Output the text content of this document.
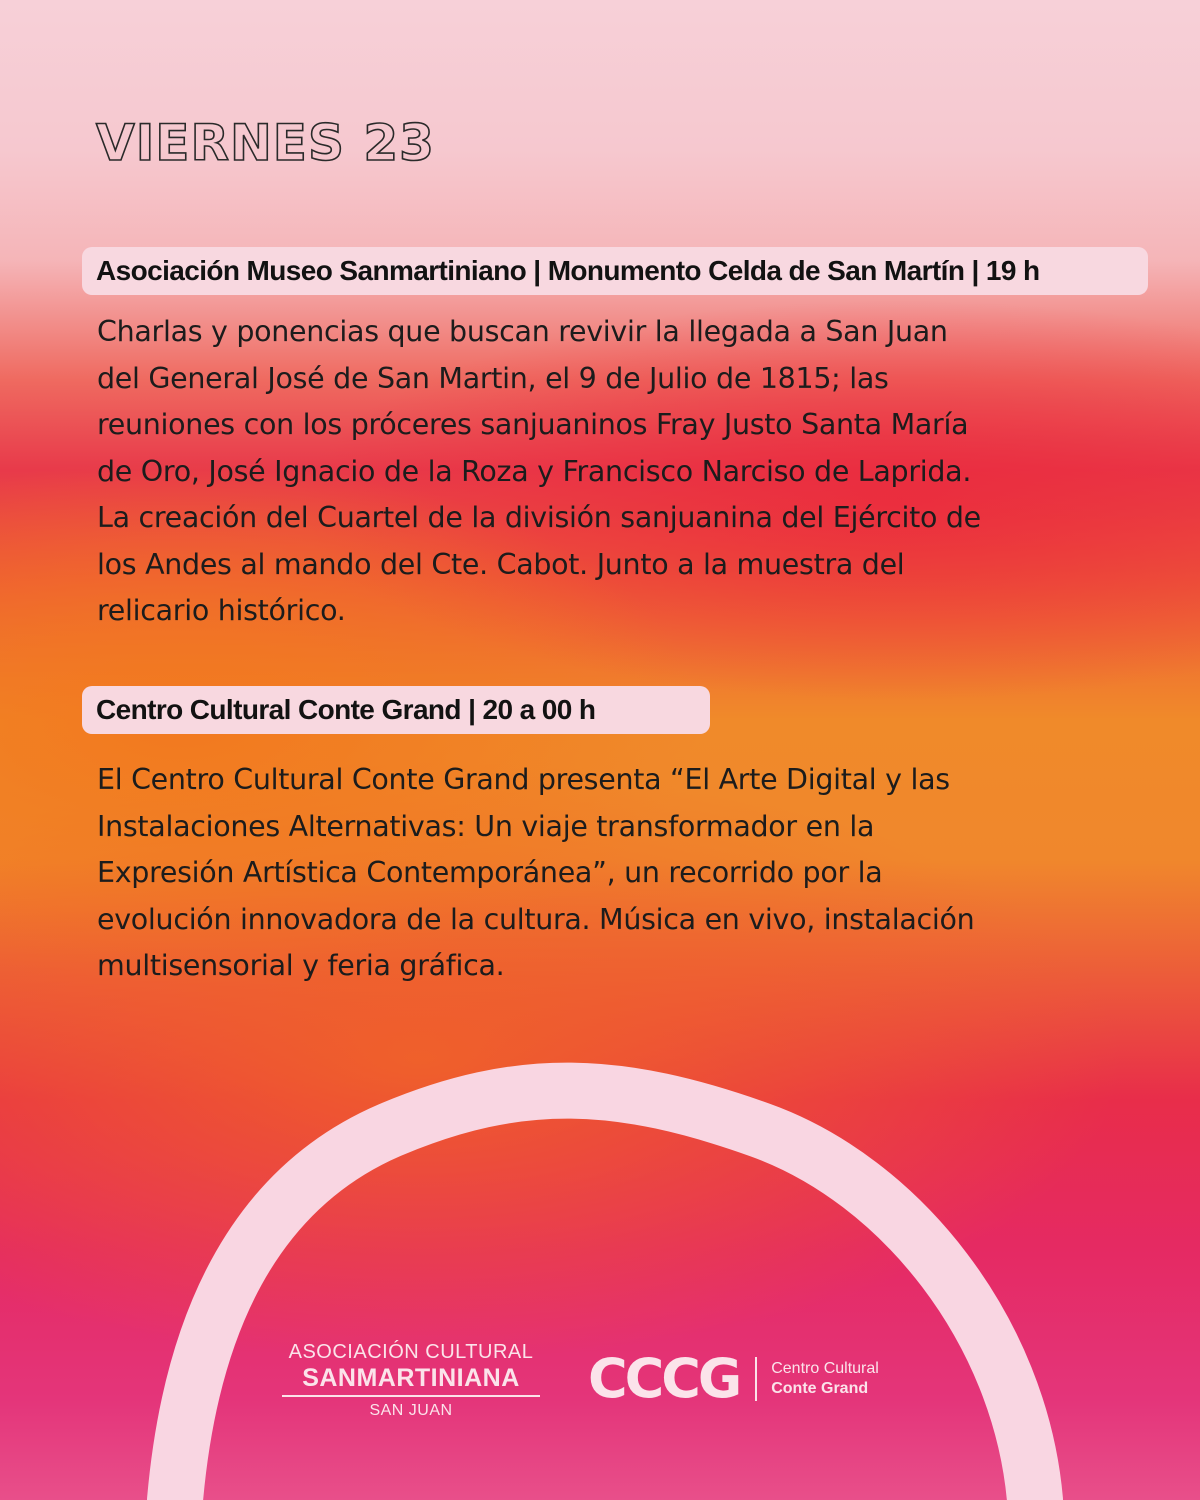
VIERNES 23
Asociación Museo Sanmartiniano | Monumento Celda de San Martín | 19 h
Charlas y ponencias que buscan revivir la llegada a San Juan
del General José de San Martin, el 9 de Julio de 1815; las
reuniones con los próceres sanjuaninos Fray Justo Santa María
de Oro, José Ignacio de la Roza y Francisco Narciso de Laprida.
La creación del Cuartel de la división sanjuanina del Ejército de
los Andes al mando del Cte. Cabot. Junto a la muestra del
relicario histórico.
Centro Cultural Conte Grand | 20 a 00 h
El Centro Cultural Conte Grand presenta “El Arte Digital y las
Instalaciones Alternativas: Un viaje transformador en la
Expresión Artística Contemporánea”, un recorrido por la
evolución innovadora de la cultura. Música en vivo, instalación
multisensorial y feria gráfica.
ASOCIACIÓN CULTURAL
SANMARTINIANA
SAN JUAN
CCCG Centro Cultural
Conte Grand
